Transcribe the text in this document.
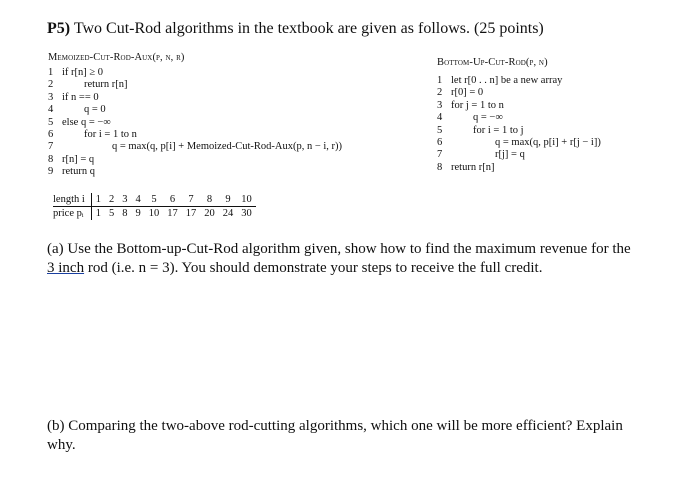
P5) Two Cut-Rod algorithms in the textbook are given as follows. (25 points)
Memoized-Cut-Rod-Aux(p, n, r)
1 if r[n] ≥ 0
2	return r[n]
3 if n == 0
4	q = 0
5 else q = −∞
6	for i = 1 to n
7	q = max(q, p[i] + Memoized-Cut-Rod-Aux(p, n − i, r))
8 r[n] = q
9 return q
Bottom-Up-Cut-Rod(p, n)
1 let r[0 . . n] be a new array
2 r[0] = 0
3 for j = 1 to n
4	q = −∞
5	for i = 1 to j
6	q = max(q, p[i] + r[j − i])
7	r[j] = q
8 return r[n]
length i	1	2	3	4	5	6	7	8	9	10
price pᵢ	1	5	8	9	10	17	17	20	24	30
(a) Use the Bottom-up-Cut-Rod algorithm given, show how to find the maximum revenue for the 3 inch rod (i.e. n = 3). You should demonstrate your steps to receive the full credit.
(b) Comparing the two-above rod-cutting algorithms, which one will be more efficient? Explain why.
